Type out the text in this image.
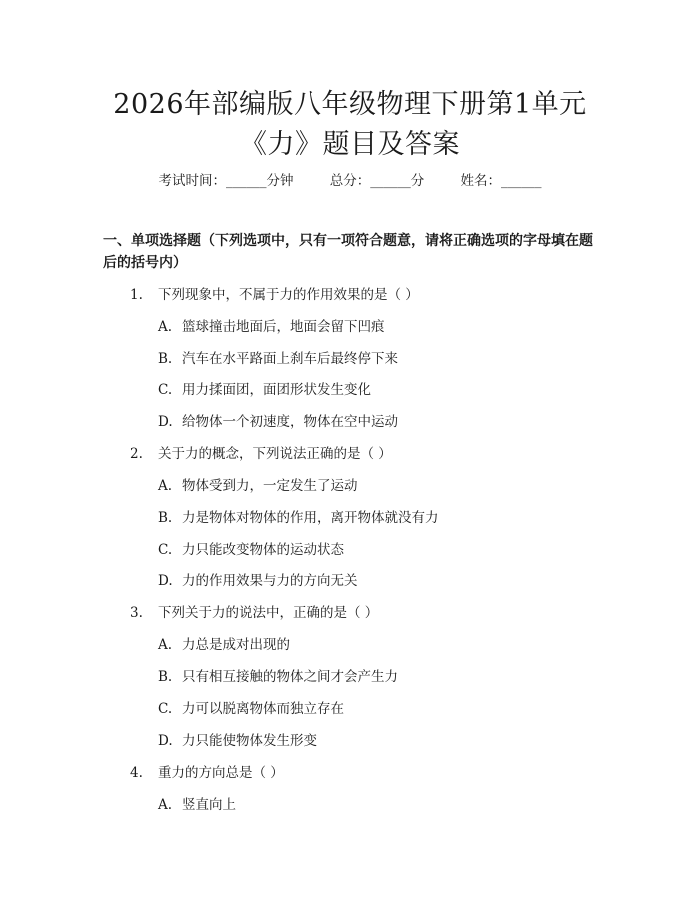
2026年部编版八年级物理下册第1单元
《力》题目及答案
考试时间：______分钟	总分：______分	姓名：______
一、单项选择题（下列选项中，只有一项符合题意，请将正确选项的字母填在题后的括号内）
1. 下列现象中，不属于力的作用效果的是（ ）
A. 篮球撞击地面后，地面会留下凹痕
B. 汽车在水平路面上刹车后最终停下来
C. 用力揉面团，面团形状发生变化
D. 给物体一个初速度，物体在空中运动
2. 关于力的概念，下列说法正确的是（ ）
A. 物体受到力，一定发生了运动
B. 力是物体对物体的作用，离开物体就没有力
C. 力只能改变物体的运动状态
D. 力的作用效果与力的方向无关
3. 下列关于力的说法中，正确的是（ ）
A. 力总是成对出现的
B. 只有相互接触的物体之间才会产生力
C. 力可以脱离物体而独立存在
D. 力只能使物体发生形变
4. 重力的方向总是（ ）
A. 竖直向上
